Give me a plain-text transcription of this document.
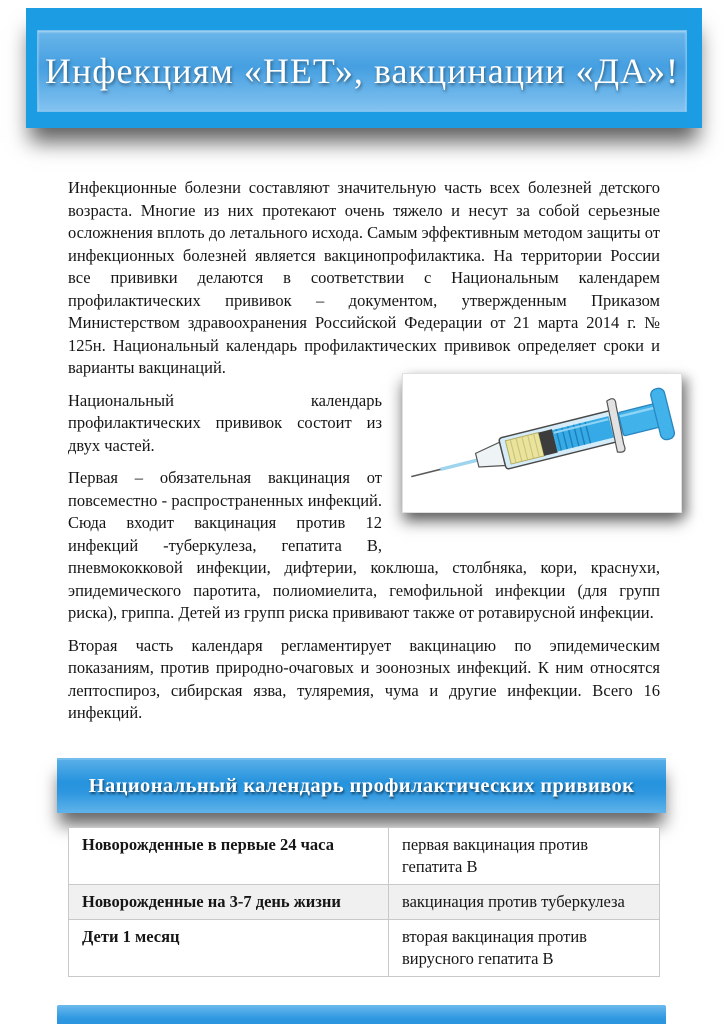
Инфекциям «НЕТ», вакцинации «ДА»!

Инфекционные болезни составляют значительную часть всех болезней детского возраста. Многие из них протекают очень тяжело и несут за собой серьезные осложнения вплоть до летального исхода. Самым эффективным методом защиты от инфекционных болезней является вакцинопрофилактика. На территории России все прививки делаются в соответствии с Национальным календарем профилактических прививок – документом, утвержденным Приказом Министерством здравоохранения Российской Федерации от 21 марта 2014 г. № 125н. Национальный календарь профилактических прививок определяет сроки и варианты вакцинаций.

Национальный календарь профилактических прививок состоит из двух частей.

Первая – обязательная вакцинация от повсеместно - распространенных инфекций. Сюда входит вакцинация против 12 инфекций -туберкулеза, гепатита В, пневмококковой инфекции, дифтерии, коклюша, столбняка, кори, краснухи, эпидемического паротита, полиомиелита, гемофильной инфекции (для групп риска), гриппа. Детей из групп риска прививают также от ротавирусной инфекции.

Вторая часть календаря регламентирует вакцинацию по эпидемическим показаниям, против природно-очаговых и зоонозных инфекций. К ним относятся лептоспироз, сибирская язва, туляремия, чума и другие инфекции. Всего 16 инфекций.

Национальный календарь профилактических прививок
Новорожденные в первые 24 часа	первая вакцинация против гепатита В
Новорожденные на 3-7 день жизни	вакцинация против туберкулеза
Дети 1 месяц	вторая вакцинация против вирусного гепатита В
